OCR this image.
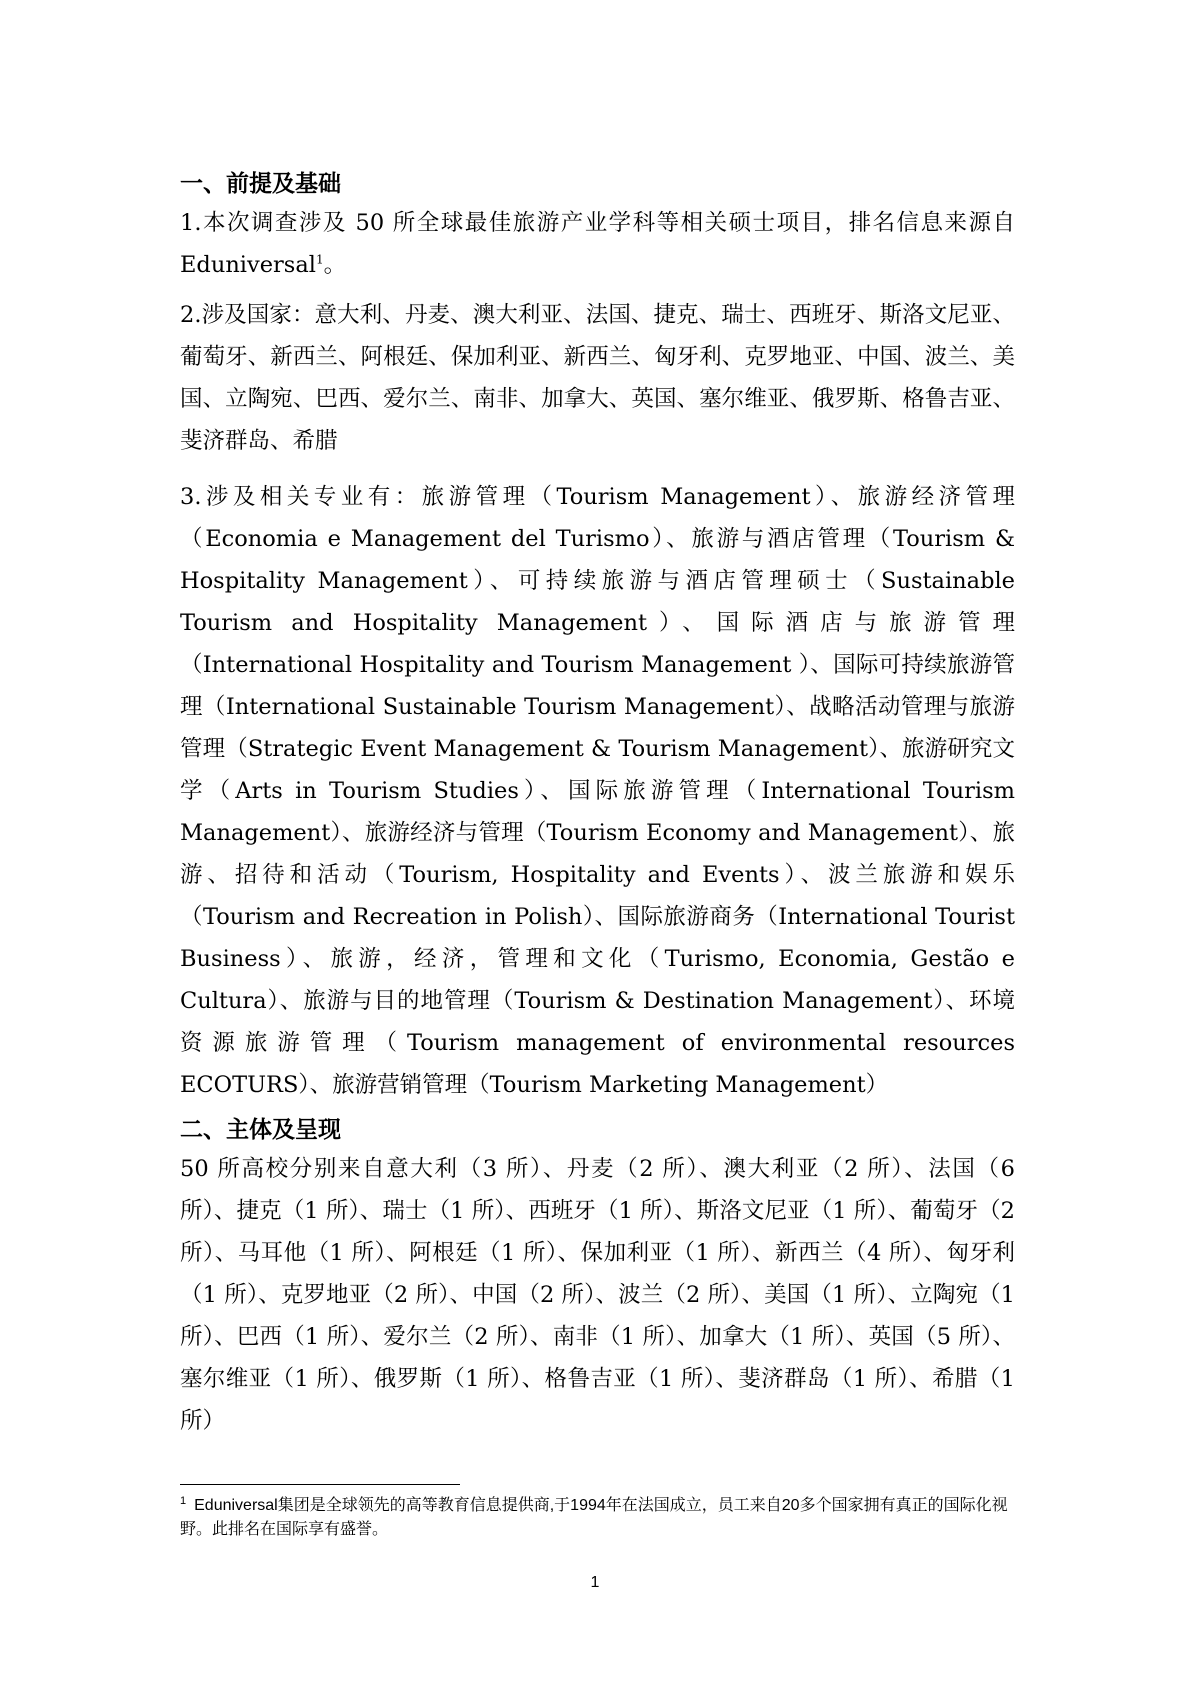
一、前提及基础
1.本次调查涉及 50 所全球最佳旅游产业学科等相关硕士项目，排名信息来源自 Eduniversal$^1$。
2.涉及国家：意大利、丹麦、澳大利亚、法国、捷克、瑞士、西班牙、斯洛文尼亚、葡萄牙、新西兰、阿根廷、保加利亚、新西兰、匈牙利、克罗地亚、中国、波兰、美国、立陶宛、巴西、爱尔兰、南非、加拿大、英国、塞尔维亚、俄罗斯、格鲁吉亚、斐济群岛、希腊
3.涉及相关专业有：旅游管理（Tourism Management）、旅游经济管理（Economia e Management del Turismo）、旅游与酒店管理（Tourism & Hospitality Management）、可持续旅游与酒店管理硕士（Sustainable Tourism and Hospitality Management）、国际酒店与旅游管理（International Hospitality and Tourism Management ）、国际可持续旅游管理（International Sustainable Tourism Management）、战略活动管理与旅游管理（Strategic Event Management & Tourism Management）、旅游研究文学（Arts in Tourism Studies）、国际旅游管理（International Tourism Management）、旅游经济与管理（Tourism Economy and Management）、旅游、招待和活动（Tourism, Hospitality and Events）、波兰旅游和娱乐（Tourism and Recreation in Polish）、国际旅游商务（International Tourist Business）、旅游，经济，管理和文化（Turismo, Economia, Gestão e Cultura）、旅游与目的地管理（Tourism & Destination Management）、环境资源旅游管理（Tourism management of environmental resources ECOTURS）、旅游营销管理（Tourism Marketing Management）
二、主体及呈现
50 所高校分别来自意大利（3 所）、丹麦（2 所）、澳大利亚（2 所）、法国（6 所）、捷克（1 所）、瑞士（1 所）、西班牙（1 所）、斯洛文尼亚（1 所）、葡萄牙（2 所）、马耳他（1 所）、阿根廷（1 所）、保加利亚（1 所）、新西兰（4 所）、匈牙利（1 所）、克罗地亚（2 所）、中国（2 所）、波兰（2 所）、美国（1 所）、立陶宛（1 所）、巴西（1 所）、爱尔兰（2 所）、南非（1 所）、加拿大（1 所）、英国（5 所）、塞尔维亚（1 所）、俄罗斯（1 所）、格鲁吉亚（1 所）、斐济群岛（1 所）、希腊（1 所）
$^1$ Eduniversal集团是全球领先的高等教育信息提供商,于1994年在法国成立，员工来自20多个国家拥有真正的国际化视野。此排名在国际享有盛誉。
1
